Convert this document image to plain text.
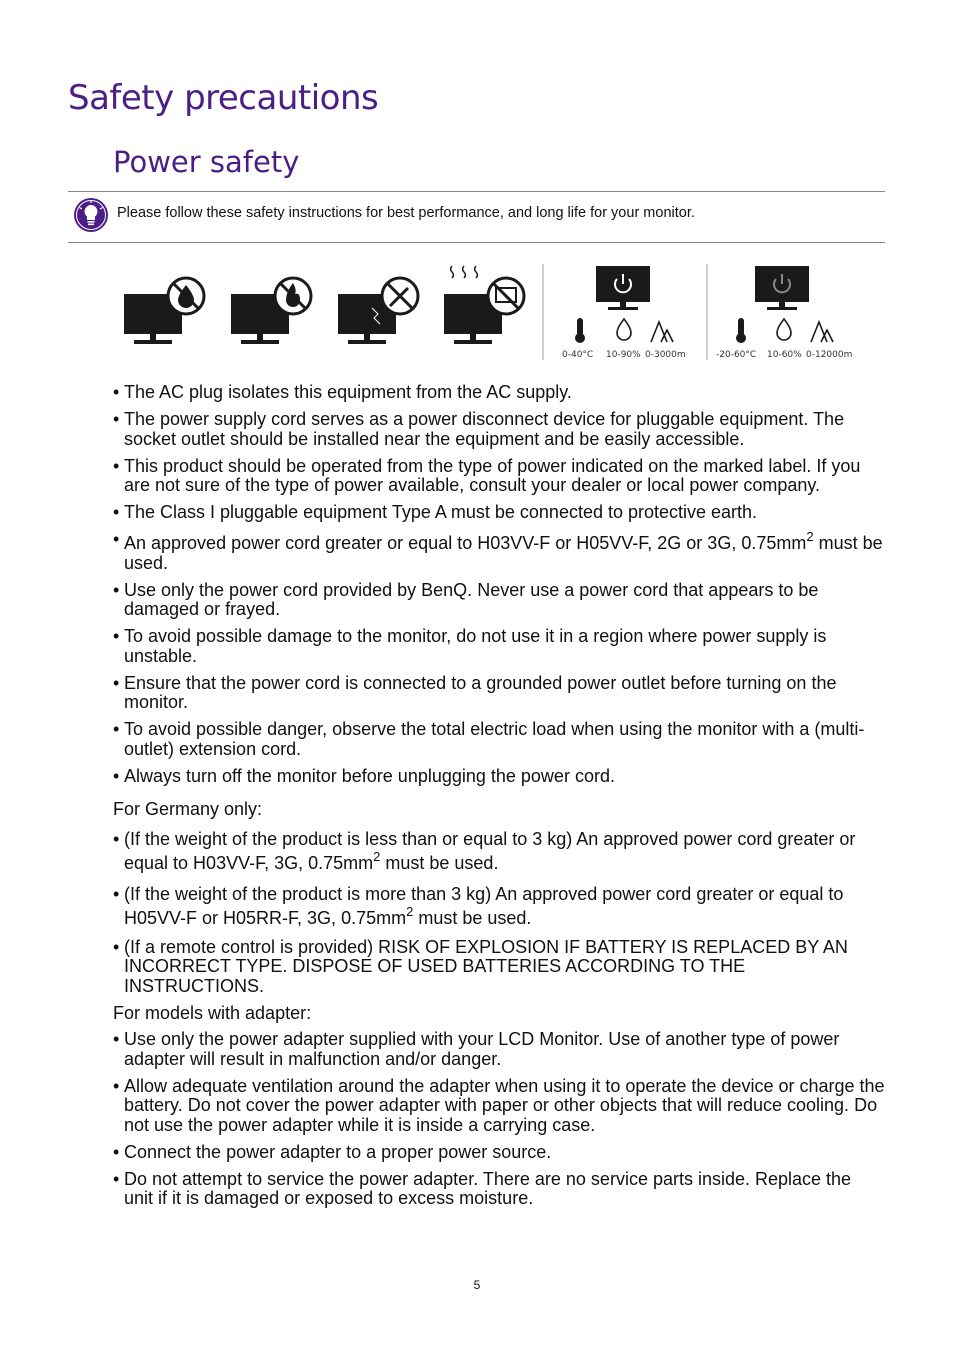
Safety precautions
Power safety
Please follow these safety instructions for best performance, and long life for your monitor.
0-40°C 10-90% 0-3000m	-20-60°C 10-60% 0-12000m
• The AC plug isolates this equipment from the AC supply.
• The power supply cord serves as a power disconnect device for pluggable equipment. The socket outlet should be installed near the equipment and be easily accessible.
• This product should be operated from the type of power indicated on the marked label. If you are not sure of the type of power available, consult your dealer or local power company.
• The Class I pluggable equipment Type A must be connected to protective earth.
• An approved power cord greater or equal to H03VV-F or H05VV-F, 2G or 3G, $0.75mm^2$ must be used.
• Use only the power cord provided by BenQ. Never use a power cord that appears to be damaged or frayed.
• To avoid possible damage to the monitor, do not use it in a region where power supply is unstable.
• Ensure that the power cord is connected to a grounded power outlet before turning on the monitor.
• To avoid possible danger, observe the total electric load when using the monitor with a (multi-outlet) extension cord.
• Always turn off the monitor before unplugging the power cord.
For Germany only:
• (If the weight of the product is less than or equal to 3 kg) An approved power cord greater or equal to H03VV-F, 3G, $0.75mm^2$ must be used.
• (If the weight of the product is more than 3 kg) An approved power cord greater or equal to H05VV-F or H05RR-F, 3G, $0.75mm^2$ must be used.
• (If a remote control is provided) RISK OF EXPLOSION IF BATTERY IS REPLACED BY AN INCORRECT TYPE. DISPOSE OF USED BATTERIES ACCORDING TO THE INSTRUCTIONS.
For models with adapter:
• Use only the power adapter supplied with your LCD Monitor. Use of another type of power adapter will result in malfunction and/or danger.
• Allow adequate ventilation around the adapter when using it to operate the device or charge the battery. Do not cover the power adapter with paper or other objects that will reduce cooling. Do not use the power adapter while it is inside a carrying case.
• Connect the power adapter to a proper power source.
• Do not attempt to service the power adapter. There are no service parts inside. Replace the unit if it is damaged or exposed to excess moisture.
5
